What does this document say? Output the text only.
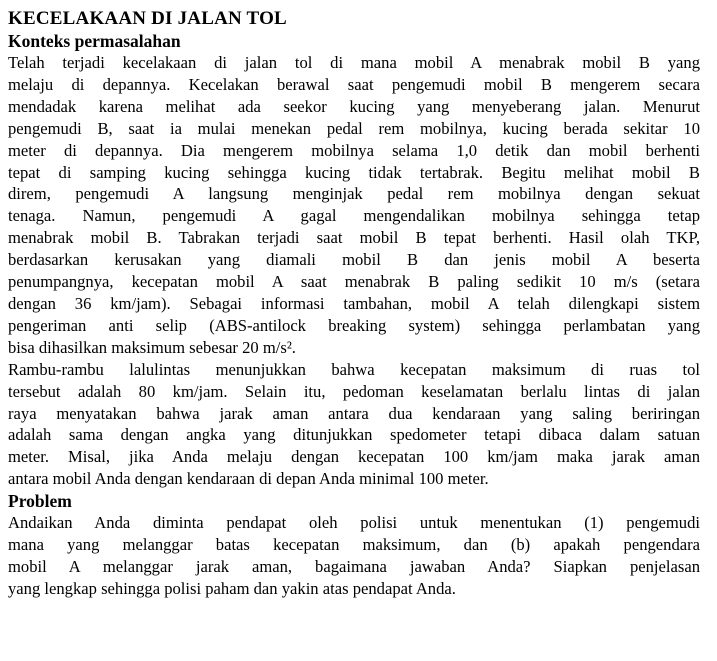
KECELAKAAN DI JALAN TOL
Konteks permasalahan

Telah terjadi kecelakaan di jalan tol di mana mobil A menabrak mobil B yang
melaju di depannya. Kecelakan berawal saat pengemudi mobil B mengerem secara
mendadak karena melihat ada seekor kucing yang menyeberang jalan. Menurut
pengemudi B, saat ia mulai menekan pedal rem mobilnya, kucing berada sekitar 10
meter di depannya. Dia mengerem mobilnya selama 1,0 detik dan mobil berhenti
tepat di samping kucing sehingga kucing tidak tertabrak. Begitu melihat mobil B
direm, pengemudi A langsung menginjak pedal rem mobilnya dengan sekuat
tenaga. Namun, pengemudi A gagal mengendalikan mobilnya sehingga tetap
menabrak mobil B. Tabrakan terjadi saat mobil B tepat berhenti. Hasil olah TKP,
berdasarkan kerusakan yang diamali mobil B dan jenis mobil A beserta
penumpangnya, kecepatan mobil A saat menabrak B paling sedikit 10 m/s (setara
dengan 36 km/jam). Sebagai informasi tambahan, mobil A telah dilengkapi sistem
pengeriman anti selip (ABS-antilock breaking system) sehingga perlambatan yang
bisa dihasilkan maksimum sebesar 20 m/s².

Rambu-rambu lalulintas menunjukkan bahwa kecepatan maksimum di ruas tol
tersebut adalah 80 km/jam. Selain itu, pedoman keselamatan berlalu lintas di jalan
raya menyatakan bahwa jarak aman antara dua kendaraan yang saling beriringan
adalah sama dengan angka yang ditunjukkan spedometer tetapi dibaca dalam satuan
meter. Misal, jika Anda melaju dengan kecepatan 100 km/jam maka jarak aman
antara mobil Anda dengan kendaraan di depan Anda minimal 100 meter.

Problem

Andaikan Anda diminta pendapat oleh polisi untuk menentukan (1) pengemudi
mana yang melanggar batas kecepatan maksimum, dan (b) apakah pengendara
mobil A melanggar jarak aman, bagaimana jawaban Anda? Siapkan penjelasan
yang lengkap sehingga polisi paham dan yakin atas pendapat Anda.
